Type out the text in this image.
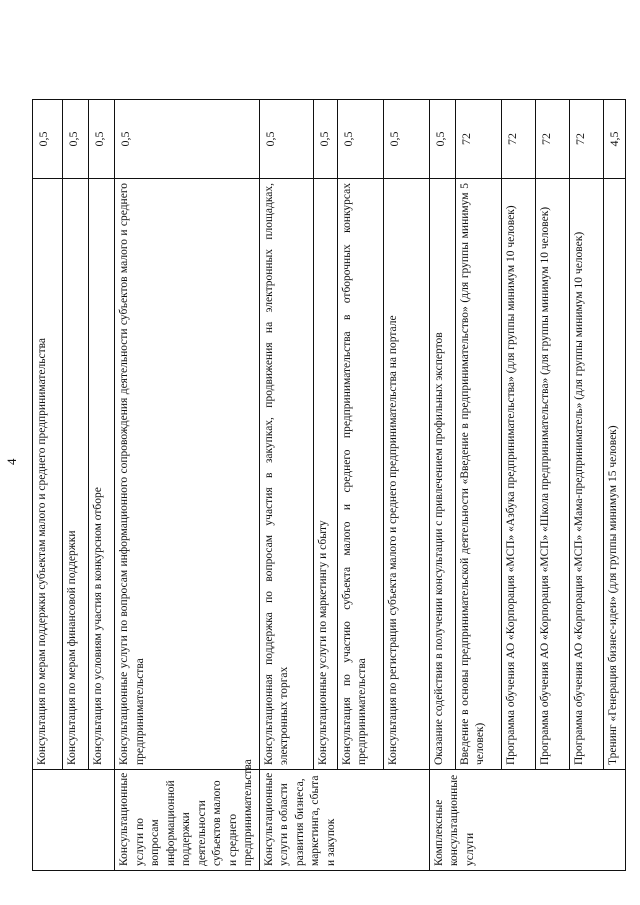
4
	Консультация по мерам поддержки субъектам малого и среднего предпринимательства	0,5
	Консультация по мерам финансовой поддержки	0,5
	Консультация по условиям участия в конкурсном отборе	0,5
Консультационные услуги по вопросам информационной поддержки деятельности субъектов малого и среднего предпринимательства	Консультационные услуги по вопросам информационного сопровождения деятельности субъектов малого и среднего предпринимательства	0,5
Консультационные услуги в области развития бизнеса, маркетинга, сбыта и закупок	Консультационная поддержка по вопросам участия в закупках, продвижения на электронных площадках, электронных торгах	0,5
	Консультационные услуги по маркетингу и сбыту	0,5
	Консультация по участию субъекта малого и среднего предпринимательства в отборочных конкурсах предпринимательства	0,5
	Консультация по регистрации субъекта малого и среднего предпринимательства на портале	0,5
Комплексные консультационные услуги	Оказание содействия в получении консультации с привлечением профильных экспертов	0,5
	Введение в основы предпринимательской деятельности «Введение в предпринимательство» (для группы минимум 5 человек)	72
	Программа обучения АО «Корпорация «МСП» «Азбука предпринимательства» (для группы минимум 10 человек)	72
	Программа обучения АО «Корпорация «МСП» «Школа предпринимательства» (для группы минимум 10 человек)	72
	Программа обучения АО «Корпорация «МСП» «Мама-предприниматель» (для группы минимум 10 человек)	72
	Тренинг «Генерация бизнес-идеи» (для группы минимум 15 человек)	4,5
